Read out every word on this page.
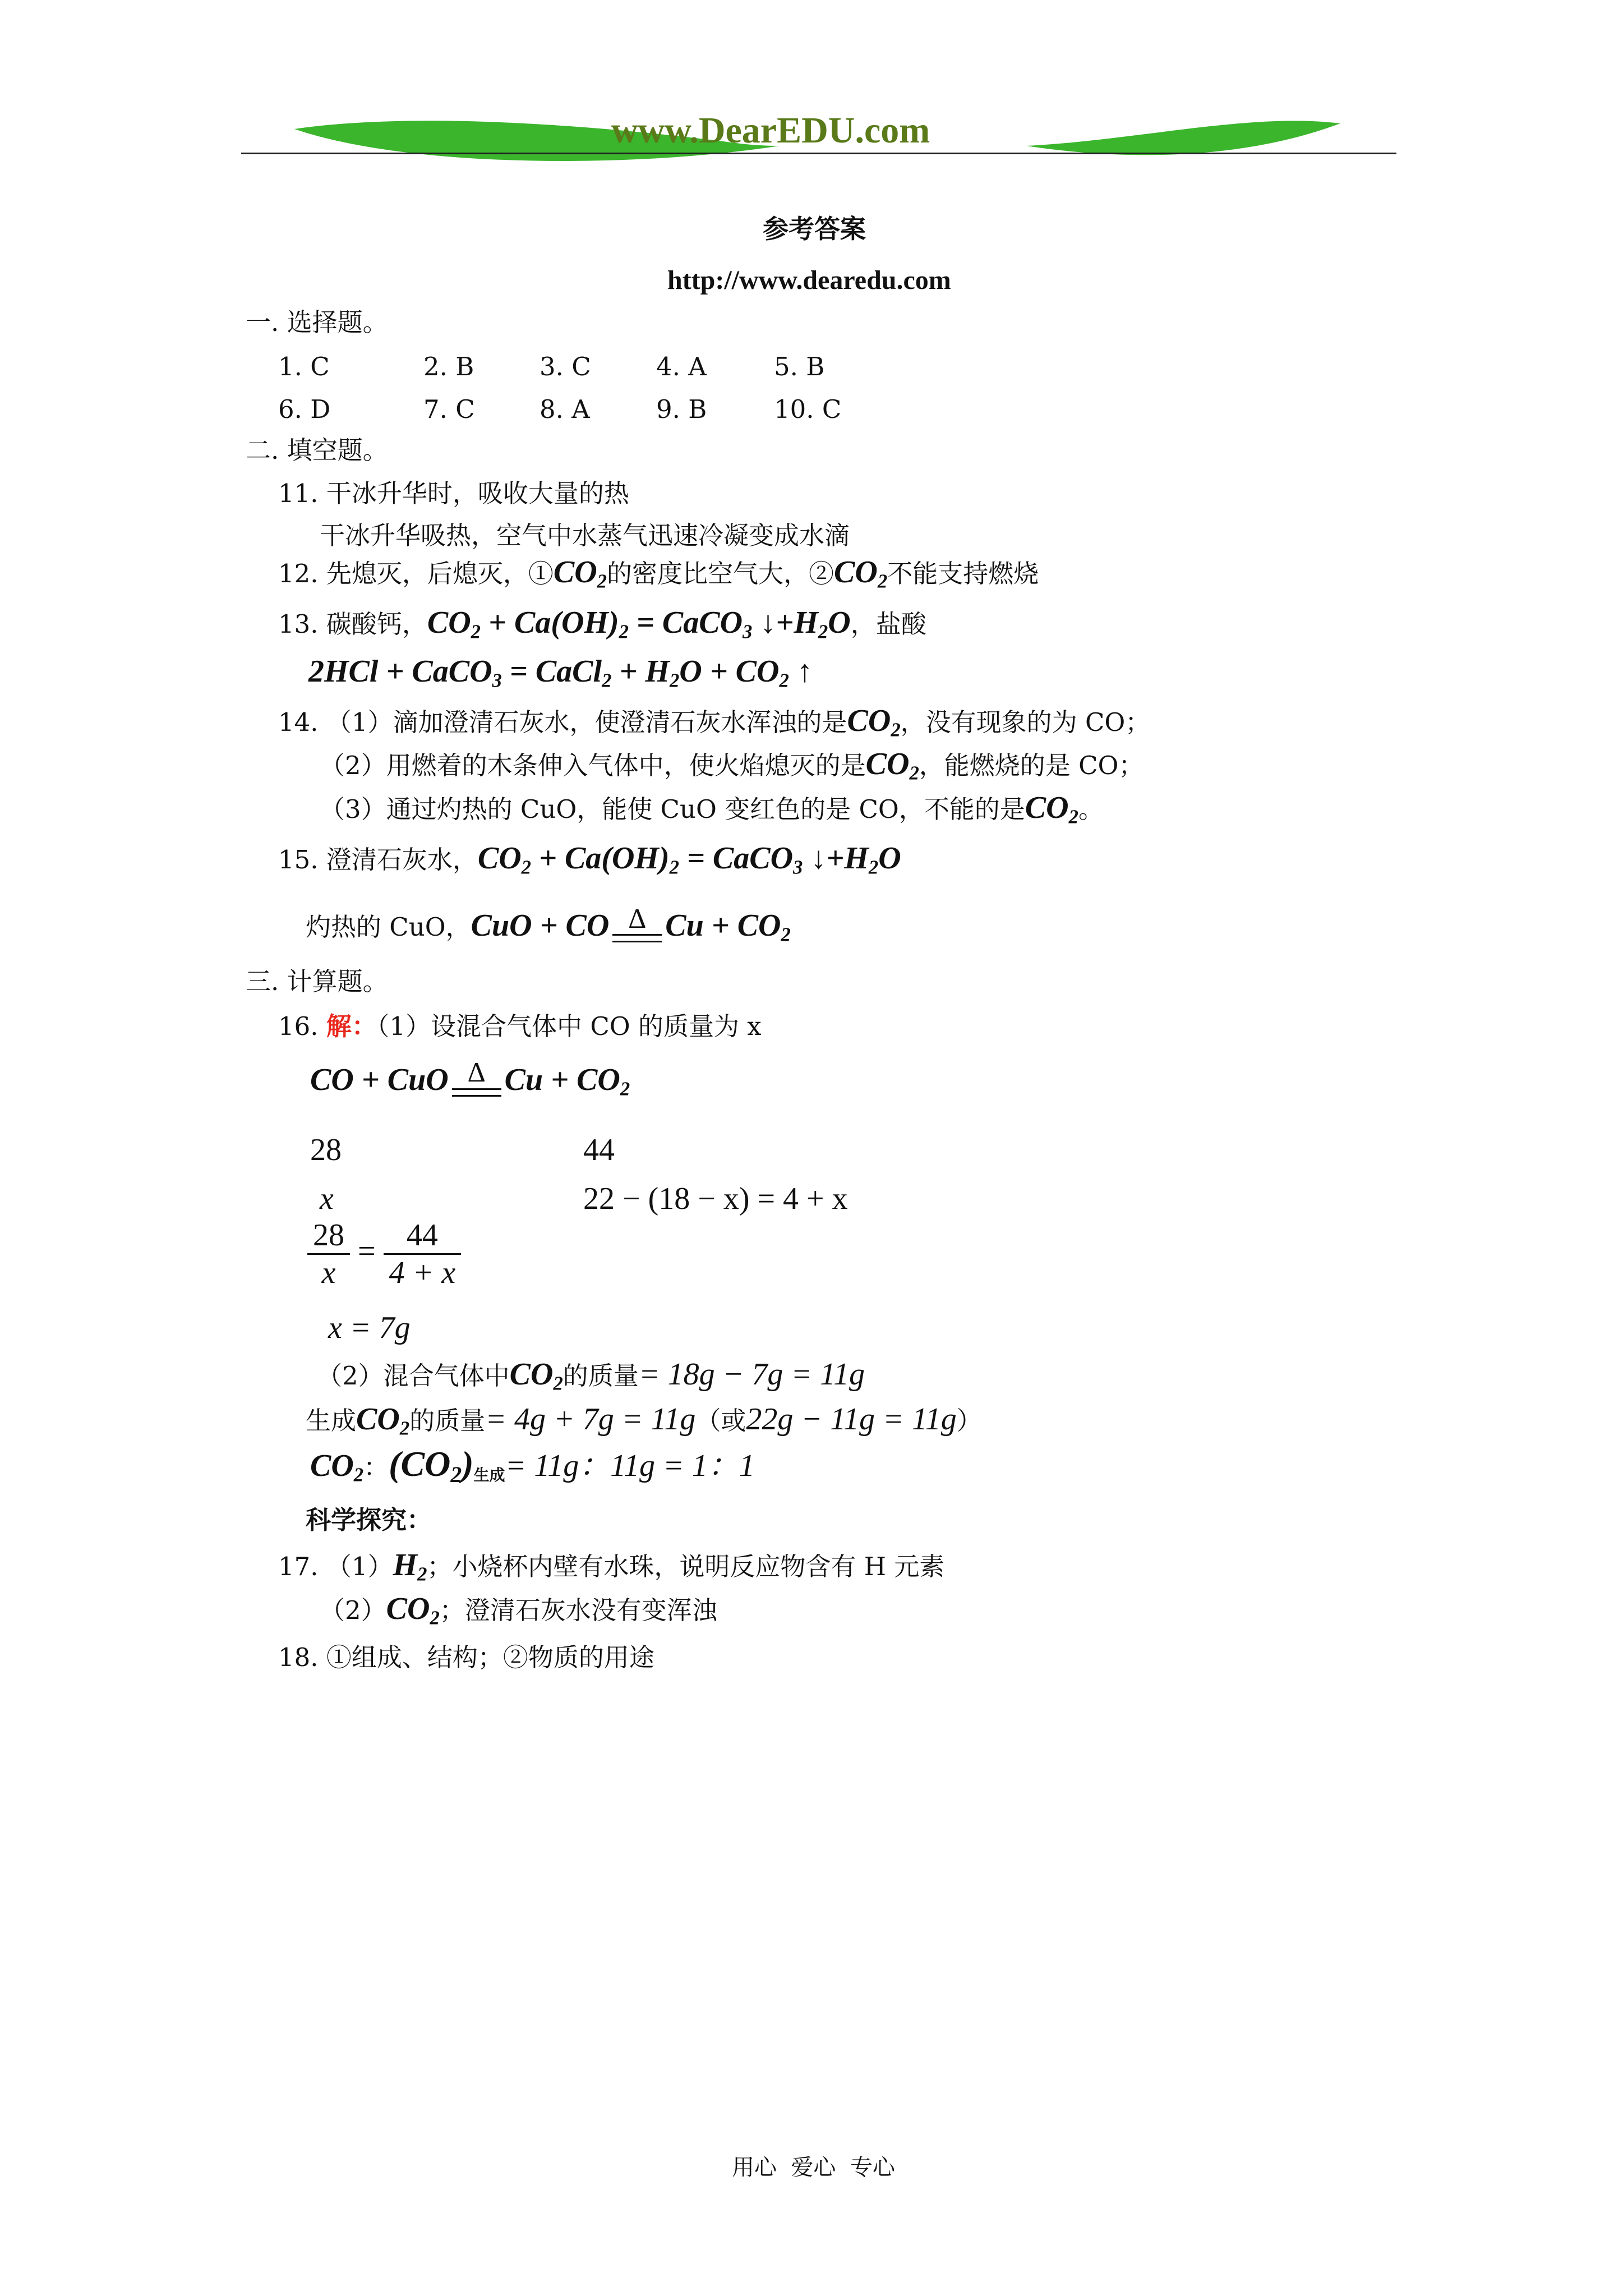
www.DearEDU.com
参考答案
http://www.dearedu.com
一. 选择题。
1. C	2. B	3. C	4. A	5. B
6. D	7. C	8. A	9. B	10. C
二. 填空题。
11. 干冰升华时，吸收大量的热
干冰升华吸热，空气中水蒸气迅速冷凝变成水滴
12. 先熄灭，后熄灭，$①CO_2$的密度比空气大，$②CO_2$不能支持燃烧
13. 碳酸钙，$CO_2 + Ca(OH)_2$ = CaCO$_3$ $↓+H_2O$，盐酸
2HCl + CaCO$_3$ = CaCl$_2$ + $H_2O + CO_2$ ↑
14. （1）滴加澄清石灰水，使澄清石灰水浑浊的是$CO_2$，没有现象的为 CO；
（2）用燃着的木条伸入气体中，使火焰熄灭的是$CO_2$，能燃烧的是 CO；
（3）通过灼热的 CuO，能使 CuO 变红色的是 CO，不能的是$CO_2$。
15. 澄清石灰水，$CO_2 + Ca(OH)_2$ = CaCO$_3$ $↓+H_2O$
灼热的 CuO，CuO + CO Δ $Cu + CO_2$
三. 计算题。
16. 解：（1）设混合气体中 CO 的质量为 x
CO + CuO Δ $Cu + CO_2$
28	44
x	22 − (18 − x) = 4 + x
$\frac{28}{x} = \frac{44}{4 + x}$
x = 7g
（2）混合气体中$CO_2$的质量= 18g − 7g = 11g
生成$CO_2$的质量= 4g + 7g = 11g（或22g − 11g = 11g）
$CO_2$：$(CO_2)_{生成}= 11g$：11g = 1：1
科学探究：
17. $(1)H_2$；小烧杯内壁有水珠，说明反应物含有 H 元素
$(2)CO_2$；澄清石灰水没有变浑浊
18. ①组成、结构；②物质的用途
用心  爱心  专心
